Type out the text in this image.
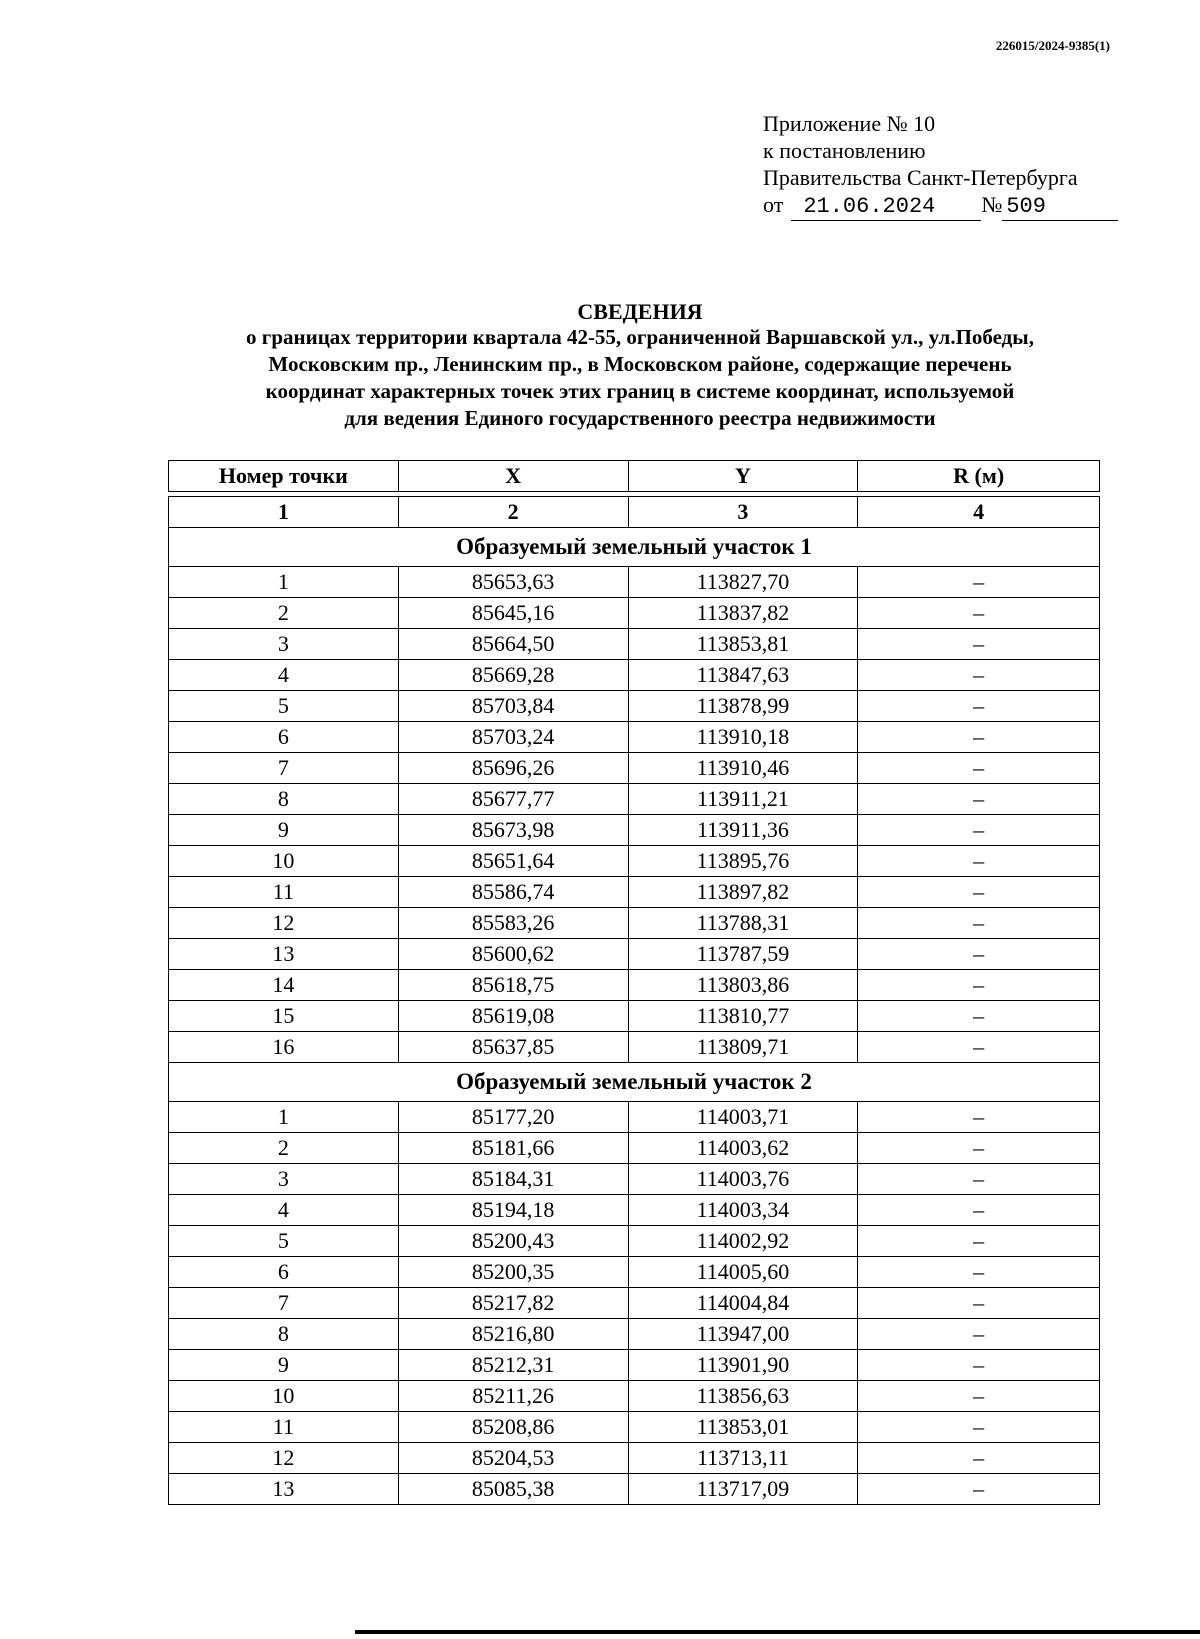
226015/2024-9385(1)
Приложение № 10
к постановлению
Правительства Санкт-Петербурга
от 21.06.2024 № 509
СВЕДЕНИЯ
о границах территории квартала 42-55, ограниченной Варшавской ул., ул.Победы,
Московским пр., Ленинским пр., в Московском районе, содержащие перечень
координат характерных точек этих границ в системе координат, используемой
для ведения Единого государственного реестра недвижимости
Номер точки	X	Y	R (м)

1	2	3	4
Образуемый земельный участок 1			
1	85653,63	113827,70	–
2	85645,16	113837,82	–
3	85664,50	113853,81	–
4	85669,28	113847,63	–
5	85703,84	113878,99	–
6	85703,24	113910,18	–
7	85696,26	113910,46	–
8	85677,77	113911,21	–
9	85673,98	113911,36	–
10	85651,64	113895,76	–
11	85586,74	113897,82	–
12	85583,26	113788,31	–
13	85600,62	113787,59	–
14	85618,75	113803,86	–
15	85619,08	113810,77	–
16	85637,85	113809,71	–
Образуемый земельный участок 2			
1	85177,20	114003,71	–
2	85181,66	114003,62	–
3	85184,31	114003,76	–
4	85194,18	114003,34	–
5	85200,43	114002,92	–
6	85200,35	114005,60	–
7	85217,82	114004,84	–
8	85216,80	113947,00	–
9	85212,31	113901,90	–
10	85211,26	113856,63	–
11	85208,86	113853,01	–
12	85204,53	113713,11	–
13	85085,38	113717,09	–
